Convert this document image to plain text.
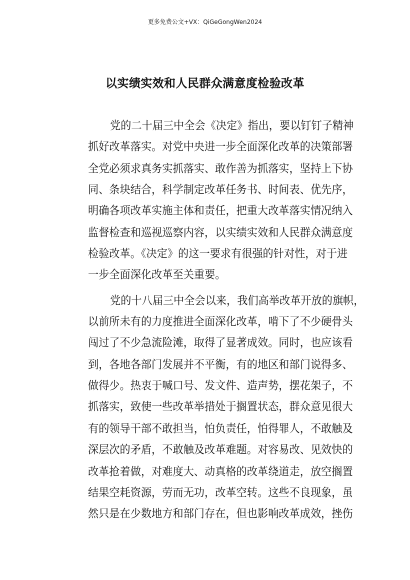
更多免费公文+VX：QiGeGongWen2024
以实绩实效和人民群众满意度检验改革
党的二十届三中全会《决定》指出，要以钉钉子精神
抓好改革落实。对党中央进一步全面深化改革的决策部署
全党必须求真务实抓落实、敢作善为抓落实，坚持上下协
同、条块结合，科学制定改革任务书、时间表、优先序，
明确各项改革实施主体和责任，把重大改革落实情况纳入
监督检查和巡视巡察内容，以实绩实效和人民群众满意度
检验改革。《决定》的这一要求有很强的针对性，对于进
一步全面深化改革至关重要。
党的十八届三中全会以来，我们高举改革开放的旗帜，
以前所未有的力度推进全面深化改革，啃下了不少硬骨头
闯过了不少急流险滩，取得了显著成效。同时，也应该看
到，各地各部门发展并不平衡，有的地区和部门说得多、
做得少。热衷于喊口号、发文件、造声势，摆花架子，不
抓落实，致使一些改革举措处于搁置状态，群众意见很大
有的领导干部不敢担当，怕负责任，怕得罪人，不敢触及
深层次的矛盾，不敢触及改革难题。对容易改、见效快的
改革抢着做，对难度大、动真格的改革绕道走，放空搁置
结果空耗资源，劳而无功，改革空转。这些不良现象，虽
然只是在少数地方和部门存在，但也影响改革成效，挫伤
